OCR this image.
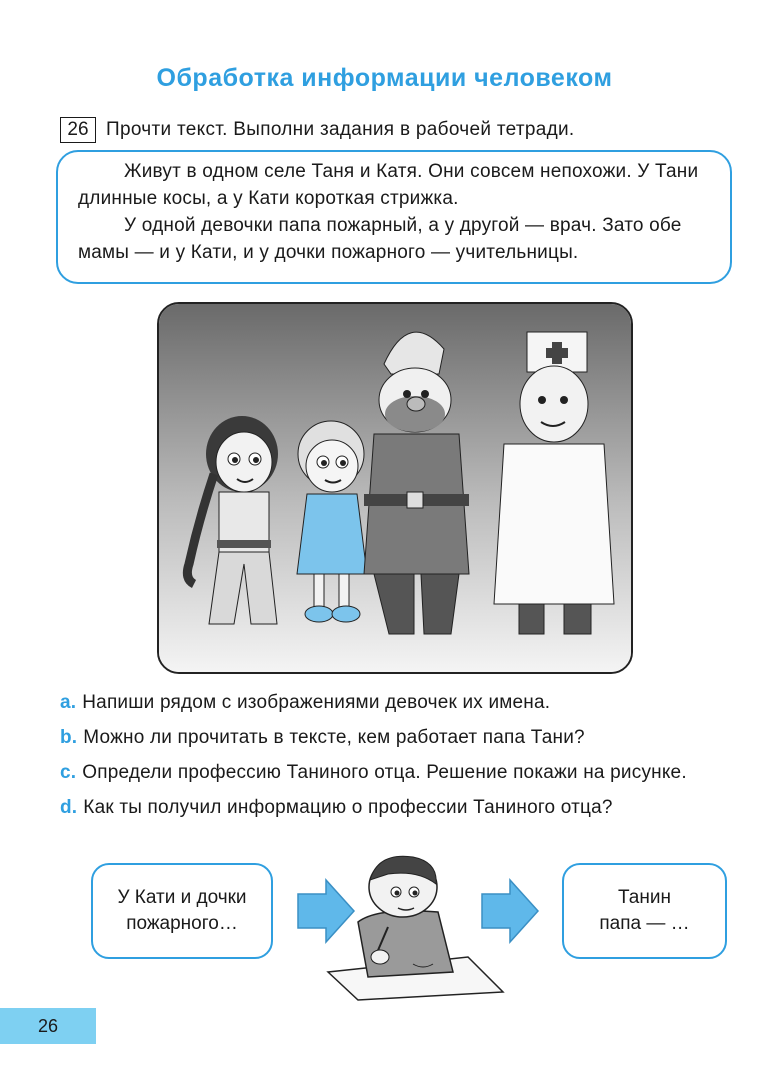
Обработка информации человеком
26 Прочти текст. Выполни задания в рабочей тетради.

Живут в одном селе Таня и Катя. Они совсем непохожи. У Тани длинные косы, а у Кати короткая стрижка.

У одной девочки папа пожарный, а у другой — врач. Зато обе мамы — и у Кати, и у дочки пожарного — учительницы.

a. Напиши рядом с изображениями девочек их имена.
b. Можно ли прочитать в тексте, кем работает папа Тани?
c. Определи профессию Таниного отца. Решение покажи на рисунке.
d. Как ты получил информацию о профессии Таниного отца?
У Кати и дочки
пожарного…
Танин
папа — …
26
